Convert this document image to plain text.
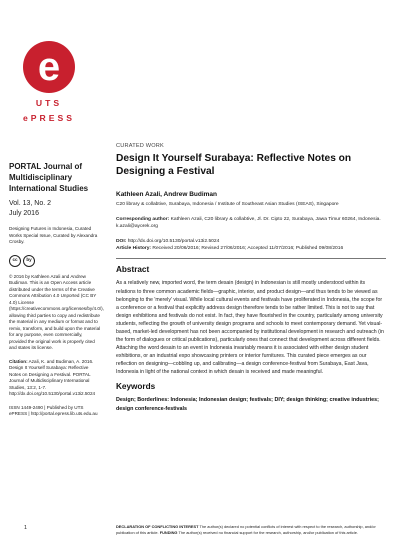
e
UTS
ePRESS
PORTAL Journal of Multidisciplinary International Studies
Vol. 13, No. 2
July 2016
Designing Futures in Indonesia, Curated Works Special Issue, Curated by Alexandra Crosby.
cc	by
© 2016 by Kathleen Azali and Andrew Budiman. This is an Open Access article distributed under the terms of the Creative Commons Attribution 4.0 Unported (CC BY 4.0) License (https://creativecommons.org/licenses/by/4.0/), allowing third parties to copy and redistribute the material in any medium or format and to remix, transform, and build upon the material for any purpose, even commercially, provided the original work is properly cited and states its license.
Citation: Azali, K. and Budiman, A. 2016. Design It Yourself Surabaya: Reflective Notes on Designing a Festival. PORTAL Journal of Multidisciplinary International Studies, 13:2, 1-7. http://dx.doi.org/10.5130/portal.v13i2.5024
ISSN 1449-2490 | Published by UTS ePRESS | http://portal.epress.lib.uts.edu.au
CURATED WORK
Design It Yourself Surabaya: Reflective Notes on Designing a Festival
Kathleen Azali, Andrew Budiman
C20 library & collabtive, Surabaya, Indonesia / Institute of Southeast Asian Studies (ISEAS), Singapore
Corresponding author: Kathleen Azali, C20 library & collabtive, Jl. Dr. Cipto 22, Surabaya, Jawa Timur 60264, Indonesia. k.azali@ayorek.org
DOI: http://dx.doi.org/10.5130/portal.v13i2.5024
Article History: Received 20/06/2016; Revised 27/06/2016; Accepted 11/07/2016; Published 09/08/2016
Abstract

As a relatively new, imported word, the term desain (design) in Indonesian is still mostly understood within its relations to three common academic fields—graphic, interior, and product design—and thus tends to be viewed as belonging to the 'merely' visual. While local cultural events and festivals have proliferated in Indonesia, the scope for a conference or a festival that explicitly address design therefore tends to be rather limited. This is not to say that design exhibitions and festivals do not exist. In fact, they have flourished in the country, particularly among university students, reflecting the growth of university design programs and schools to meet contemporary demand. Yet visual-based, market-led development has not been accompanied by institutional development in research and outreach (in the form of dialogues or critical publications), particularly ones that connect that development across different fields. Attaching the word desain to an event in Indonesia invariably means it is associated with either design student exhibitions, or an industrial expo showcasing printers or interior furnitures. This curated piece emerges as our reflection on designing—cobbling up, and calibrating—a design conference-festival from Surabaya, East Java, Indonesia in light of the national context in which desain is received and made meaningful.

Keywords

Design; Borderlines: Indonesia; Indonesian design; festivals; DIY; design thinking; creative industries; design conference-festivals

1	DECLARATION OF CONFLICTING INTEREST The author(s) declared no potential conflicts of interest with respect to the research, authorship, and/or publication of this article. FUNDING The author(s) received no financial support for the research, authorship, and/or publication of this article.
